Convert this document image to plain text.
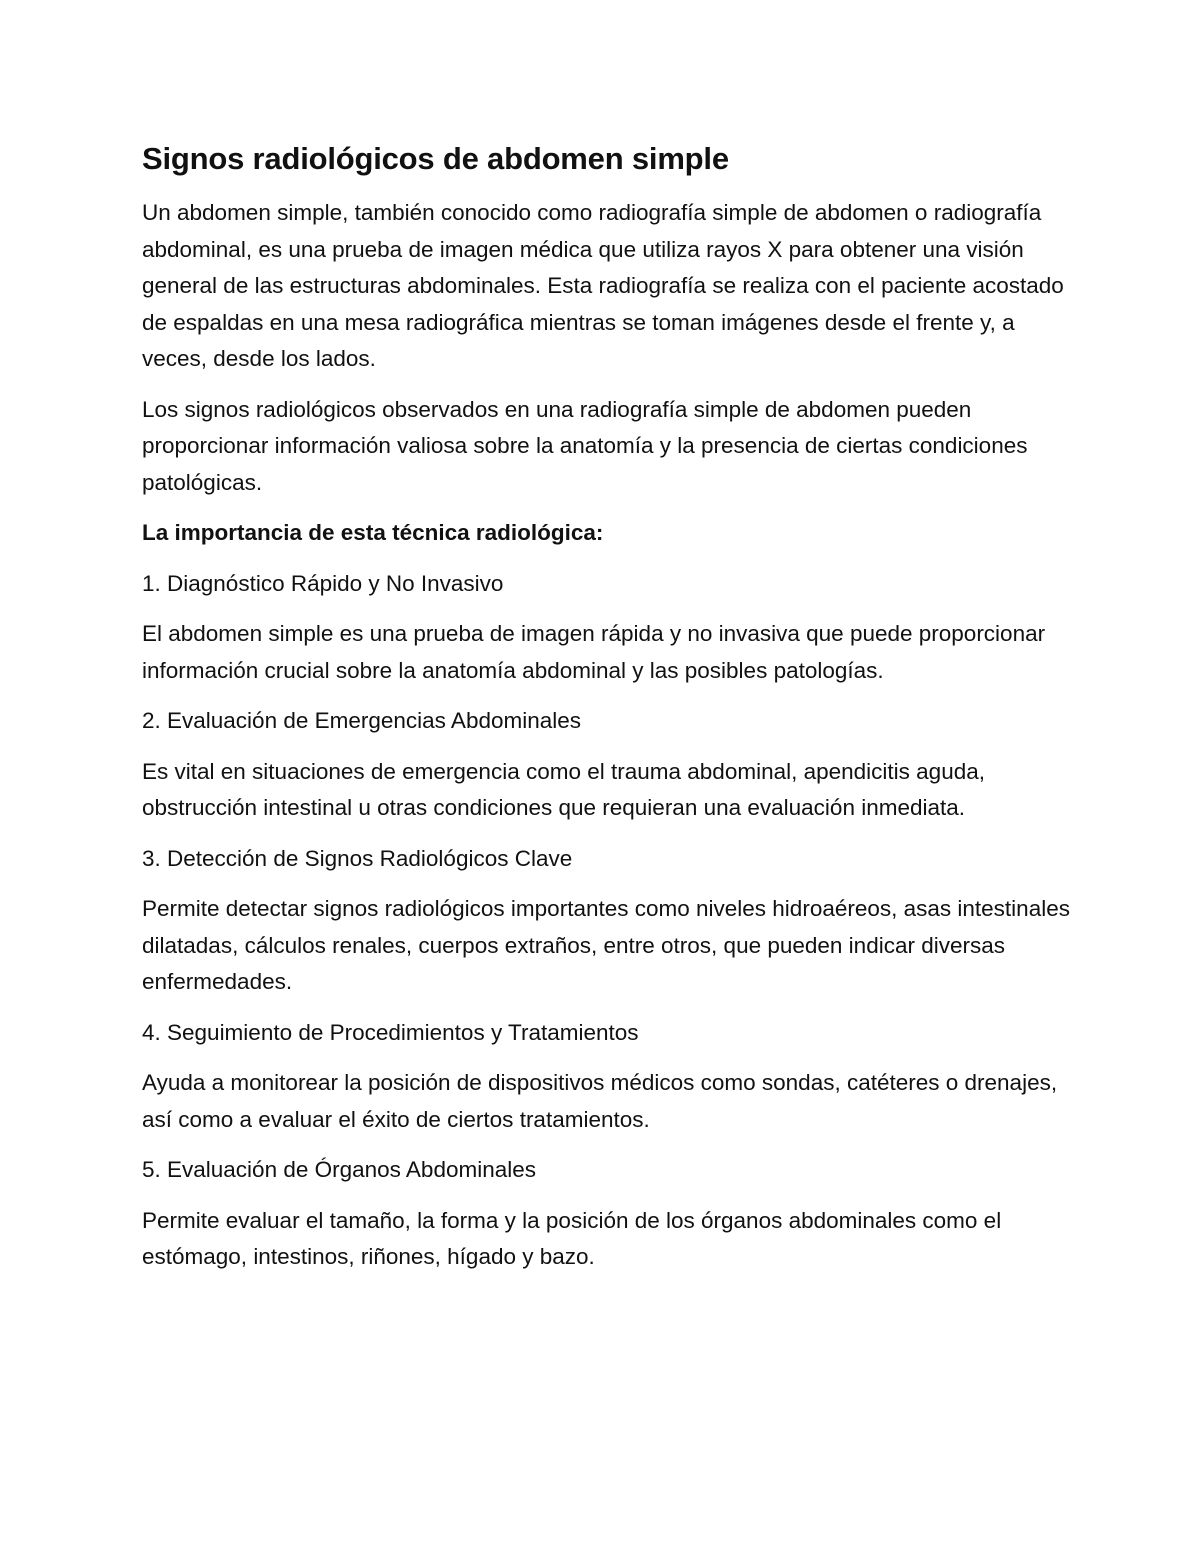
Signos radiológicos de abdomen simple

Un abdomen simple, también conocido como radiografía simple de abdomen o radiografía abdominal, es una prueba de imagen médica que utiliza rayos X para obtener una visión general de las estructuras abdominales. Esta radiografía se realiza con el paciente acostado de espaldas en una mesa radiográfica mientras se toman imágenes desde el frente y, a veces, desde los lados.

Los signos radiológicos observados en una radiografía simple de abdomen pueden proporcionar información valiosa sobre la anatomía y la presencia de ciertas condiciones patológicas.

La importancia de esta técnica radiológica:

1. Diagnóstico Rápido y No Invasivo

El abdomen simple es una prueba de imagen rápida y no invasiva que puede proporcionar información crucial sobre la anatomía abdominal y las posibles patologías.

2. Evaluación de Emergencias Abdominales

Es vital en situaciones de emergencia como el trauma abdominal, apendicitis aguda, obstrucción intestinal u otras condiciones que requieran una evaluación inmediata.

3. Detección de Signos Radiológicos Clave

Permite detectar signos radiológicos importantes como niveles hidroaéreos, asas intestinales dilatadas, cálculos renales, cuerpos extraños, entre otros, que pueden indicar diversas enfermedades.

4. Seguimiento de Procedimientos y Tratamientos

Ayuda a monitorear la posición de dispositivos médicos como sondas, catéteres o drenajes, así como a evaluar el éxito de ciertos tratamientos.

5. Evaluación de Órganos Abdominales

Permite evaluar el tamaño, la forma y la posición de los órganos abdominales como el estómago, intestinos, riñones, hígado y bazo.
